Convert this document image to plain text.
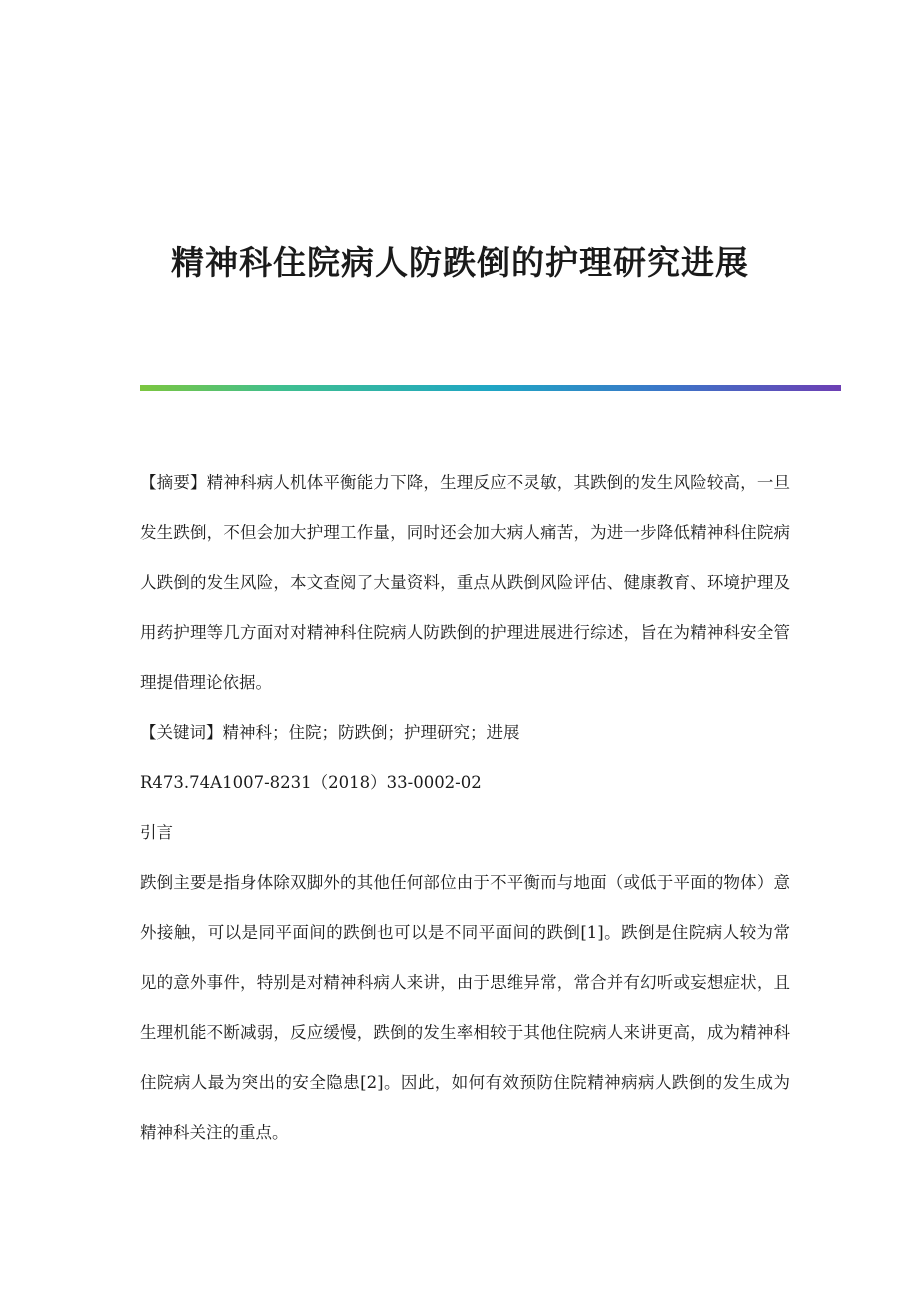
精神科住院病人防跌倒的护理研究进展

【摘要】精神科病人机体平衡能力下降，生理反应不灵敏，其跌倒的发生风险较高，一旦发生跌倒，不但会加大护理工作量，同时还会加大病人痛苦，为进一步降低精神科住院病人跌倒的发生风险，本文查阅了大量资料，重点从跌倒风险评估、健康教育、环境护理及用药护理等几方面对对精神科住院病人防跌倒的护理进展进行综述，旨在为精神科安全管理提借理论依据。

【关键词】精神科；住院；防跌倒；护理研究；进展

R473.74A1007-8231（2018）33-0002-02

引言

跌倒主要是指身体除双脚外的其他任何部位由于不平衡而与地面（或低于平面的物体）意外接触，可以是同平面间的跌倒也可以是不同平面间的跌倒[1]。跌倒是住院病人较为常见的意外事件，特别是对精神科病人来讲，由于思维异常，常合并有幻听或妄想症状，且生理机能不断减弱，反应缓慢，跌倒的发生率相较于其他住院病人来讲更高，成为精神科住院病人最为突出的安全隐患[2]。因此，如何有效预防住院精神病病人跌倒的发生成为精神科关注的重点。
